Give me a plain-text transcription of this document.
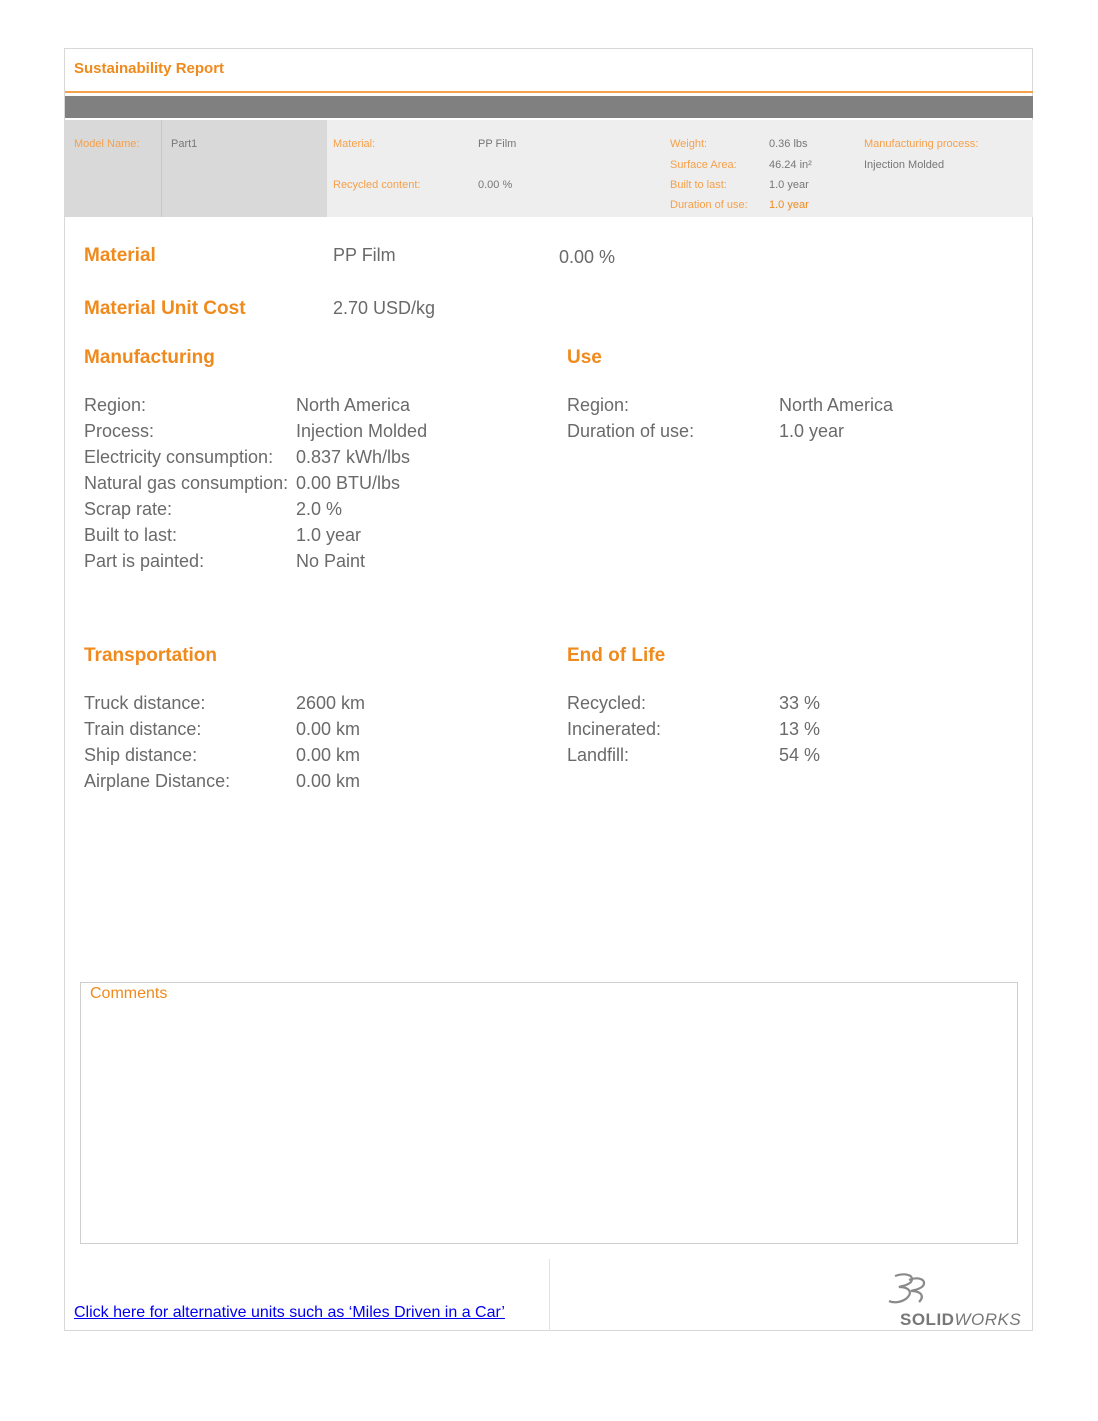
Sustainability Report
Model Name:	Part1	Material:	PP Film
Recycled content:	0.00 %
Weight:	0.36 lbs
Surface Area:	46.24 in²
Built to last:	1.0 year
Duration of use: 1.0 year
Manufacturing process:
Injection Molded
Material	PP Film	0.00 %
Material Unit Cost	2.70 USD/kg
Manufacturing
Region:	North America
Process:	Injection Molded
Electricity consumption: 0.837 kWh/lbs
Natural gas consumption: 0.00 BTU/lbs
Scrap rate:	2.0 %
Built to last:	1.0 year
Part is painted:	No Paint
Use
Region:	North America
Duration of use:	1.0 year
Transportation
Truck distance:	2600 km
Train distance:	0.00 km
Ship distance:	0.00 km
Airplane Distance:	0.00 km
End of Life
Recycled:	33 %
Incinerated:	13 %
Landfill:	54 %
Comments
Click here for alternative units such as ‘Miles Driven in a Car’	SOLIDWORKS
